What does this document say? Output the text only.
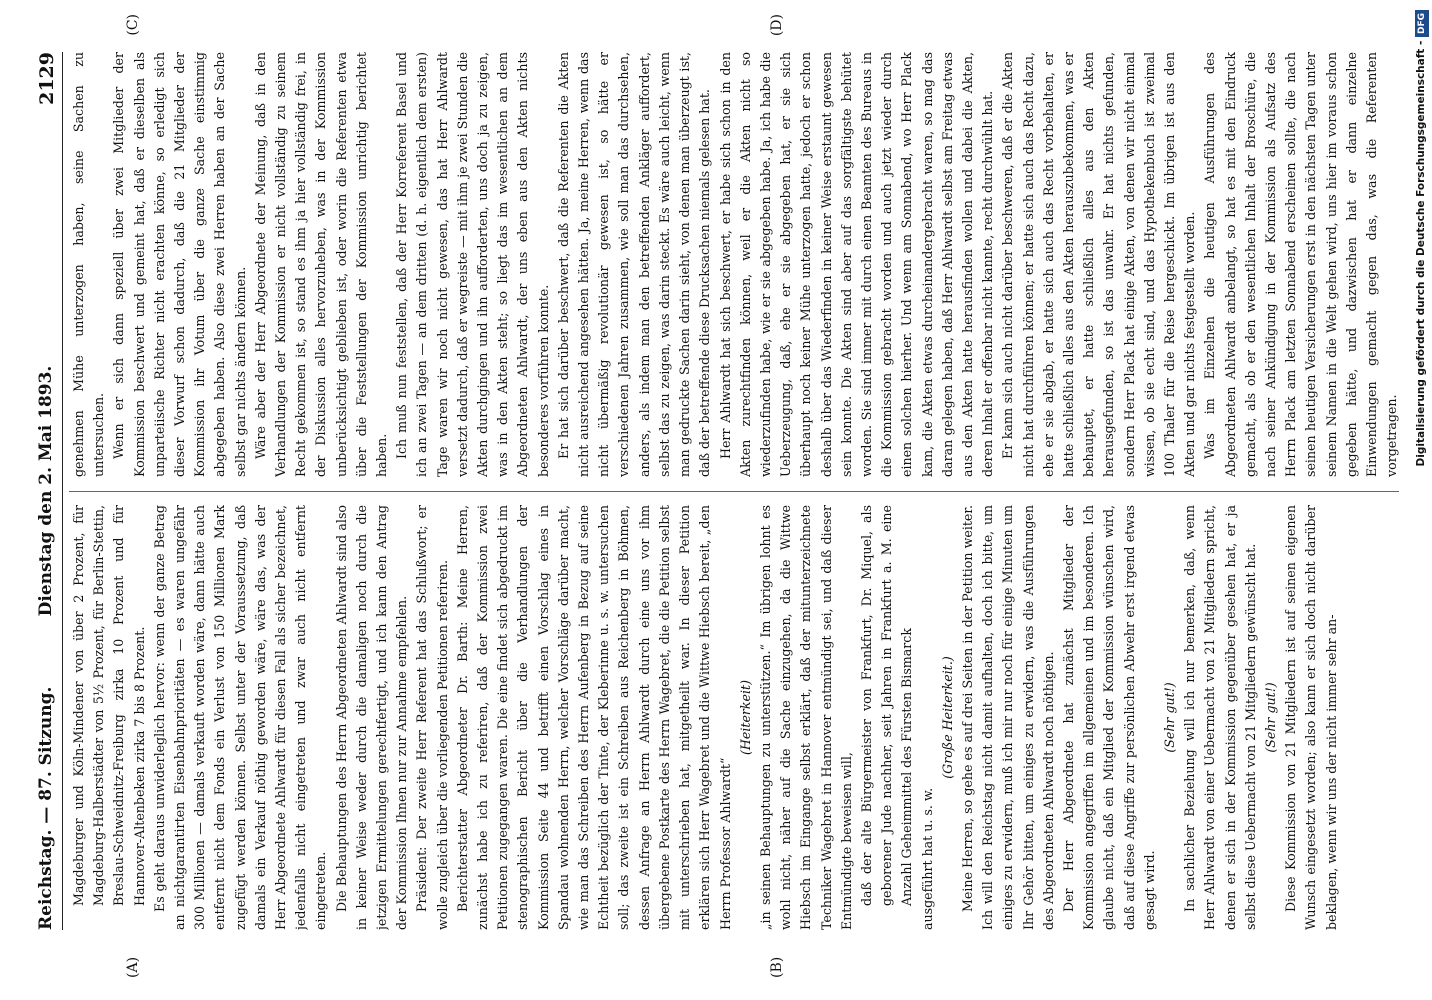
Reichstag. — 87. Sitzung.
Dienstag den 2. Mai 1893.
2129
(A)	(B)
(C)	(D)

Magdeburger und Köln-Mindener von über 2 Prozent, für Magdeburg-Halberstädter von 5½ Prozent, für Berlin-Stettin, Breslau-Schweidnitz-Freiburg zirka 10 Prozent und für Hannover-Altenbeken zirka 7 bis 8 Prozent. Es geht daraus unwiderleglich hervor: wenn der ganze Betrag an nichtgarantirten Eisenbahnprioritäten — es waren ungefähr 300 Millionen — damals verkauft worden wäre, dann hätte auch entfernt nicht dem Fonds ein Verlust von 150 Millionen Mark zugefügt werden können. Selbst unter der Voraussetzung, daß damals ein Verkauf nöthig geworden wäre, wäre das, was der Herr Abgeordnete Ahlwardt für diesen Fall als sicher bezeichnet, jedenfalls nicht eingetreten und zwar auch nicht entfernt eingetreten. Die Behauptungen des Herrn Abgeordneten Ahlwardt sind also in keiner Weise weder durch die damaligen noch durch die jetzigen Ermittelungen gerechtfertigt, und ich kann den Antrag der Kommission Ihnen nur zur Annahme empfehlen. Präsident: Der zweite Herr Referent hat das Schlußwort; er wolle zugleich über die vorliegenden Petitionen referiren. Berichterstatter Abgeordneter Dr. Barth: Meine Herren, zunächst habe ich zu referiren, daß der Kommission zwei Petitionen zugegangen waren. Die eine findet sich abgedruckt im stenographischen Bericht über die Verhandlungen der Kommission Seite 44 und betrifft einen Vorschlag eines in Spandau wohnenden Herrn, welcher Vorschläge darüber macht, wie man das Schreiben des Herrn Aufenberg in Bezug auf seine Echtheit bezüglich der Tinte, der Kleberinne u. s. w. untersuchen soll; das zweite ist ein Schreiben aus Reichenberg in Böhmen, dessen Anfrage an Herrn Ahlwardt durch eine uns vor ihm übergebene Postkarte des Herrn Wagebret, die die Petition selbst mit unterschrieben hat, mitgetheilt war. In dieser Petition erklären sich Herr Wagebret und die Wittwe Hiebsch bereit, „den Herrn Professor Ahlwardt“

(Heiterkeit) „in seinen Behauptungen zu unterstützen.“ Im übrigen lohnt es wohl nicht, näher auf die Sache einzugehen, da die Wittwe Hiebsch im Eingange selbst erklärt, daß der mitunterzeichnete Techniker Wagebret in Hannover entmündigt sei, und daß dieser Entmündigte beweisen will, daß der alte Bürgermeister von Frankfurt, Dr. Miquel, als geborener Jude nachher, seit Jahren in Frankfurt a. M. eine Anzahl Geheimmittel des Fürsten Bismarck ausgeführt hat u. s. w.

(Große Heiterkeit.) Meine Herren, so gehe es auf drei Seiten in der Petition weiter. Ich will den Reichstag nicht damit aufhalten, doch ich bitte, um einiges zu erwidern, muß ich mir nur noch für einige Minuten um Ihr Gehör bitten, um einiges zu erwidern, was die Ausführungen des Abgeordneten Ahlwardt noch nöthigen. Der Herr Abgeordnete hat zunächst Mitglieder der Kommission angegriffen im allgemeinen und im besonderen. Ich glaube nicht, daß ein Mitglied der Kommission wünschen wird, daß auf diese Angriffe zur persönlichen Abwehr erst irgend etwas gesagt wird.

(Sehr gut!) In sachlicher Beziehung will ich nur bemerken, daß, wenn Herr Ahlwardt von einer Uebermacht von 21 Mitgliedern spricht, denen er sich in der Kommission gegenüber gesehen hat, er ja selbst diese Uebermacht von 21 Mitgliedern gewünscht hat. (Sehr gut!) Diese Kommission von 21 Mitgliedern ist auf seinen eigenen Wunsch eingesetzt worden; also kann er sich doch nicht darüber beklagen, wenn wir uns der nicht immer sehr an-

genehmen Mühe unterzogen haben, seine Sachen zu untersuchen. Wenn er sich dann speziell über zwei Mitglieder der Kommission beschwert und gemeint hat, daß er dieselben als unparteiische Richter nicht erachten könne, so erledigt sich dieser Vorwurf schon dadurch, daß die 21 Mitglieder der Kommission ihr Votum über die ganze Sache einstimmig abgegeben haben. Also diese zwei Herren haben an der Sache selbst gar nichts ändern können. Wäre aber der Herr Abgeordnete der Meinung, daß in den Verhandlungen der Kommission er nicht vollständig zu seinem Recht gekommen ist, so stand es ihm ja hier vollständig frei, in der Diskussion alles hervorzuheben, was in der Kommission unberücksichtigt geblieben ist, oder worin die Referenten etwa über die Feststellungen der Kommission unrichtig berichtet haben. Ich muß nun feststellen, daß der Herr Korreferent Basel und ich an zwei Tagen — an dem dritten (d. h. eigentlich dem ersten) Tage waren wir noch nicht gewesen, das hat Herr Ahlwardt versetzt dadurch, daß er wegreiste — mit ihm je zwei Stunden die Akten durchgingen und ihn aufforderten, uns doch ja zu zeigen, was in den Akten steht; so liegt das im wesentlichen an dem Abgeordneten Ahlwardt, der uns eben aus den Akten nichts besonderes vorführen konnte. Er hat sich darüber beschwert, daß die Referenten die Akten nicht ausreichend angesehen hätten. Ja, meine Herren, wenn das nicht übermäßig revolutionär gewesen ist, so hätte er verschiedenen Jahren zusammen, wie soll man das durchsehen, anders, als indem man den betreffenden Ankläger auffordert, selbst das zu zeigen, was darin steckt. Es wäre auch leicht, wenn man gedruckte Sachen darin sieht, von denen man überzeugt ist, daß der betreffende diese Drucksachen niemals gelesen hat. Herr Ahlwardt hat sich beschwert, er habe sich schon in den Akten zurechtfinden können, weil er die Akten nicht so wiederzufinden habe, wie er sie abgegeben habe. Ja, ich habe die Ueberzeugung, daß, ehe er sie abgegeben hat, er sie sich überhaupt noch keiner Mühe unterzogen hatte, jedoch er schon deshalb über das Wiederfinden in keiner Weise erstaunt gewesen sein konnte. Die Akten sind aber auf das sorgfältigste behütet worden. Sie sind immer mit durch einen Beamten des Bureaus in die Kommission gebracht worden und auch jetzt wieder durch einen solchen hierher. Und wenn am Sonnabend, wo Herr Plack kam, die Akten etwas durcheinandergebracht waren, so mag das daran gelegen haben, daß Herr Ahlwardt selbst am Freitag etwas aus den Akten hatte herausfinden wollen und dabei die Akten, deren Inhalt er offenbar nicht kannte, recht durchwühlt hat. Er kann sich auch nicht darüber beschweren, daß er die Akten nicht hat durchführen können; er hatte sich auch das Recht dazu, ehe er sie abgab, er hatte sich auch das Recht vorbehalten, er hatte schließlich alles aus den Akten herauszubekommen, was er behauptet, er hatte schließlich alles aus den Akten herausgefunden, so ist das unwahr. Er hat nichts gefunden, sondern Herr Plack hat einige Akten, von denen wir nicht einmal wissen, ob sie echt sind, und das Hypothekenbuch ist zweimal 100 Thaler für die Reise hergeschickt. Im übrigen ist aus den Akten und gar nichts festgestellt worden. Was im Einzelnen die heutigen Ausführungen des Abgeordneten Ahlwardt anbelangt, so hat es mit den Eindruck gemacht, als ob er den wesentlichen Inhalt der Broschüre, die nach seiner Ankündigung in der Kommission als Aufsatz des Herrn Plack am letzten Sonnabend erscheinen sollte, die nach seinen heutigen Versicherungen erst in den nächsten Tagen unter seinem Namen in die Welt gehen wird, uns hier im voraus schon gegeben hätte, und dazwischen hat er dann einzelne Einwendungen gemacht gegen das, was die Referenten vorgetragen.	Digitalisierung gefördert durch die Deutsche Forschungsgemeinschaft - DFG
